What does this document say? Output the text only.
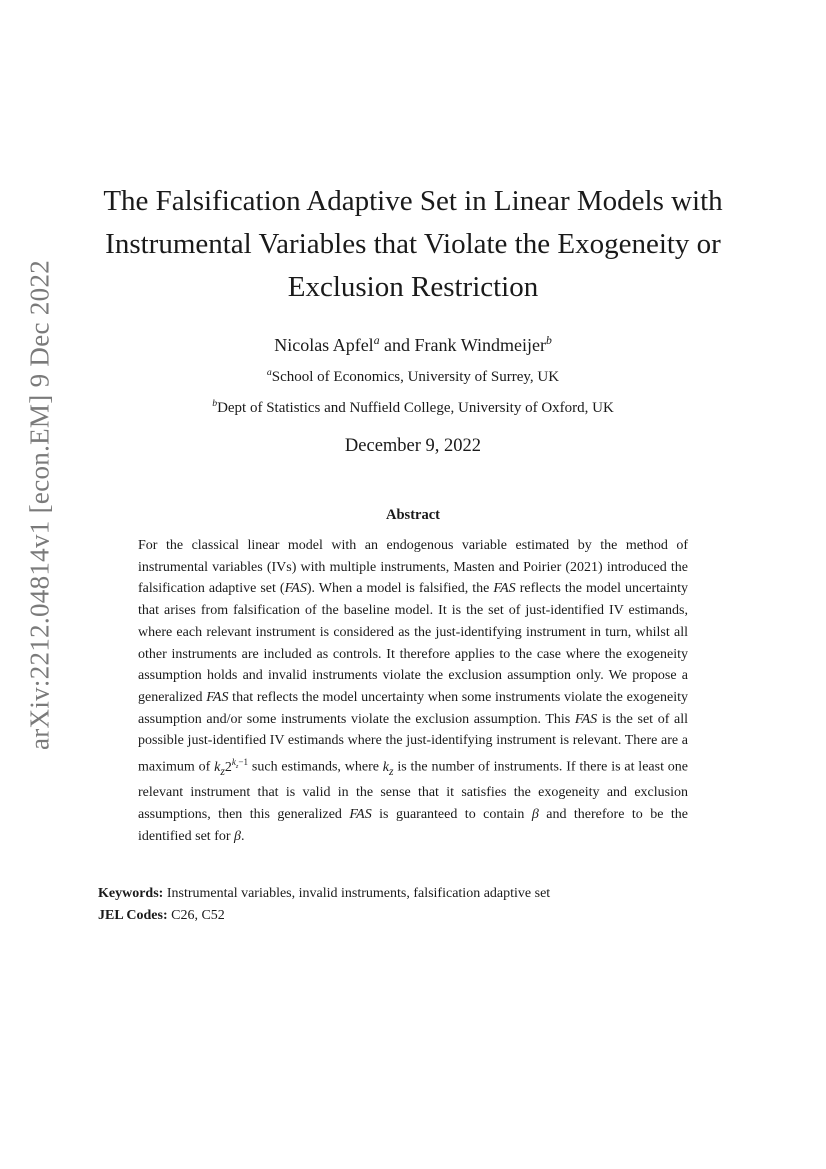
arXiv:2212.04814v1 [econ.EM] 9 Dec 2022
The Falsification Adaptive Set in Linear Models with Instrumental Variables that Violate the Exogeneity or Exclusion Restriction
Nicolas Apfel$^a$ and Frank Windmeijer$^b$
$^a$School of Economics, University of Surrey, UK
$^b$Dept of Statistics and Nuffield College, University of Oxford, UK
December 9, 2022
Abstract
For the classical linear model with an endogenous variable estimated by the method of instrumental variables (IVs) with multiple instruments, Masten and Poirier (2021) introduced the falsification adaptive set (FAS). When a model is falsified, the FAS reflects the model uncertainty that arises from falsification of the baseline model. It is the set of just-identified IV estimands, where each relevant instrument is considered as the just-identifying instrument in turn, whilst all other instruments are included as controls. It therefore applies to the case where the exogeneity assumption holds and invalid instruments violate the exclusion assumption only. We propose a generalized FAS that reflects the model uncertainty when some instruments violate the exogeneity assumption and/or some instruments violate the exclusion assumption. This FAS is the set of all possible just-identified IV estimands where the just-identifying instrument is relevant. There are a maximum of $k_z2^{k_z-1}$ such estimands, where $k_z$ is the number of instruments. If there is at least one relevant instrument that is valid in the sense that it satisfies the exogeneity and exclusion assumptions, then this generalized FAS is guaranteed to contain β and therefore to be the identified set for β.
Keywords: Instrumental variables, invalid instruments, falsification adaptive set
JEL Codes: C26, C52
